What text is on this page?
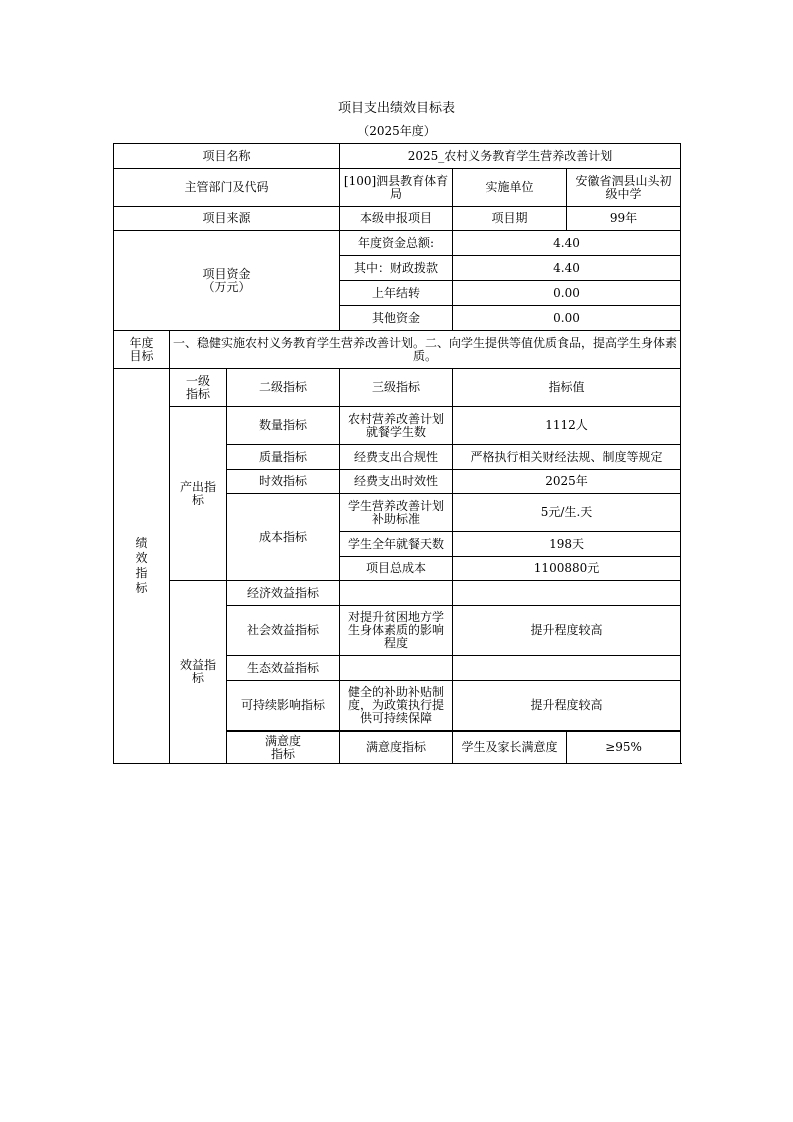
项目支出绩效目标表
（2025年度）
项目名称			2025_农村义务教育学生营养改善计划		
主管部门及代码			[100]泗县教育体育局	实施单位	安徽省泗县山头初级中学
项目来源			本级申报项目	项目期	99年

项目资金
（万元）			年度资金总额:	4.40	
			其中：财政拨款	4.40	
			上年结转	0.00	
			其他资金	0.00	
年度目标	一、稳健实施农村义务教育学生营养改善计划。二、向学生提供等值优质食品，提高学生身体素质。				
绩效指标	一级指标	二级指标	三级指标	指标值	
	产出指标	数量指标	农村营养改善计划就餐学生数	1112人	
		质量指标	经费支出合规性	严格执行相关财经法规、制度等规定	
		时效指标	经费支出时效性	2025年	
		成本指标	学生营养改善计划补助标准	5元/生.天	
			学生全年就餐天数	198天	
			项目总成本	1100880元	
	效益指标	经济效益指标			
		社会效益指标	对提升贫困地方学生身体素质的影响程度	提升程度较高	
		生态效益指标			
		可持续影响指标	健全的补助补贴制度，为政策执行提供可持续保障	提升程度较高	

		满意度指标	满意度指标	学生及家长满意度	≥95%
